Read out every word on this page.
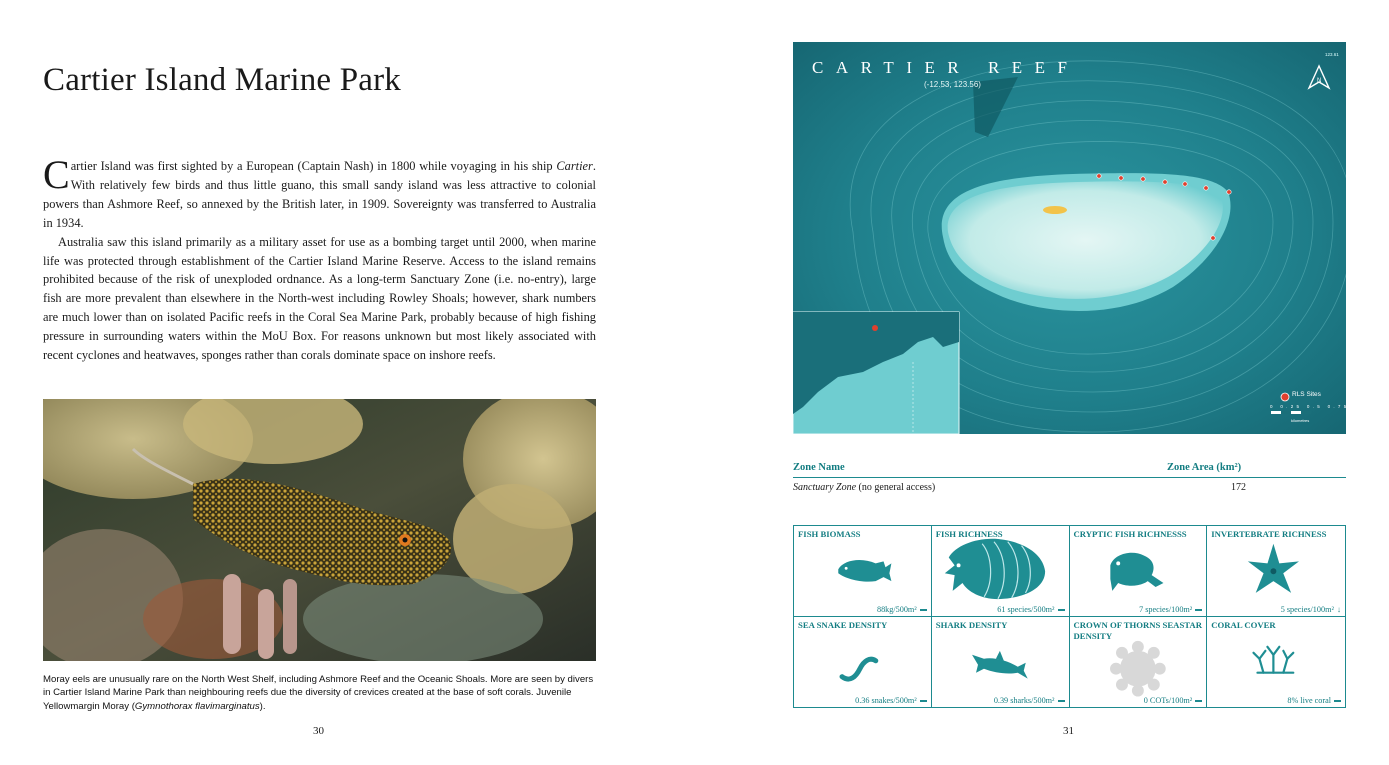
Cartier Island Marine Park

Cartier Island was first sighted by a European (Captain Nash) in 1800 while voyaging in his ship Cartier. With relatively few birds and thus little guano, this small sandy island was less attractive to colonial powers than Ashmore Reef, so annexed by the British later, in 1909. Sovereignty was transferred to Australia in 1934.

Australia saw this island primarily as a military asset for use as a bombing target until 2000, when marine life was protected through establishment of the Cartier Island Marine Reserve. Access to the island remains prohibited because of the risk of unexploded ordnance. As a long-term Sanctuary Zone (i.e. no-entry), large fish are more prevalent than elsewhere in the North-west including Rowley Shoals; however, shark numbers are much lower than on isolated Pacific reefs in the Coral Sea Marine Park, probably because of high fishing pressure in surrounding waters within the MoU Box. For reasons unknown but most likely associated with recent cyclones and heatwaves, sponges rather than corals dominate space on inshore reefs.

Moray eels are unusually rare on the North West Shelf, including Ashmore Reef and the Oceanic Shoals. More are seen by divers in Cartier Island Marine Park than neighbouring reefs due the diversity of crevices created at the base of soft corals. Juvenile Yellowmargin Moray (Gymnothorax flavimarginatus).
30
N
CARTIER REEF
(-12.53, 123.56)
123.61
RLS Sites
0 0.25 0.5 0.75 1.0
kilometres
Zone Name	Zone Area (km²)
Sanctuary Zone (no general access)	172
FISH BIOMASS
88kg/500m²
FISH RICHNESS
61 species/500m²
CRYPTIC FISH RICHNESSS
7 species/100m²
INVERTEBRATE RICHNESS
5 species/100m² ↓
SEA SNAKE DENSITY
0.36 snakes/500m²
SHARK DENSITY
0.39 sharks/500m²
CROWN OF THORNS SEASTAR DENSITY
0 COTs/100m²
CORAL COVER
8% live coral
31
